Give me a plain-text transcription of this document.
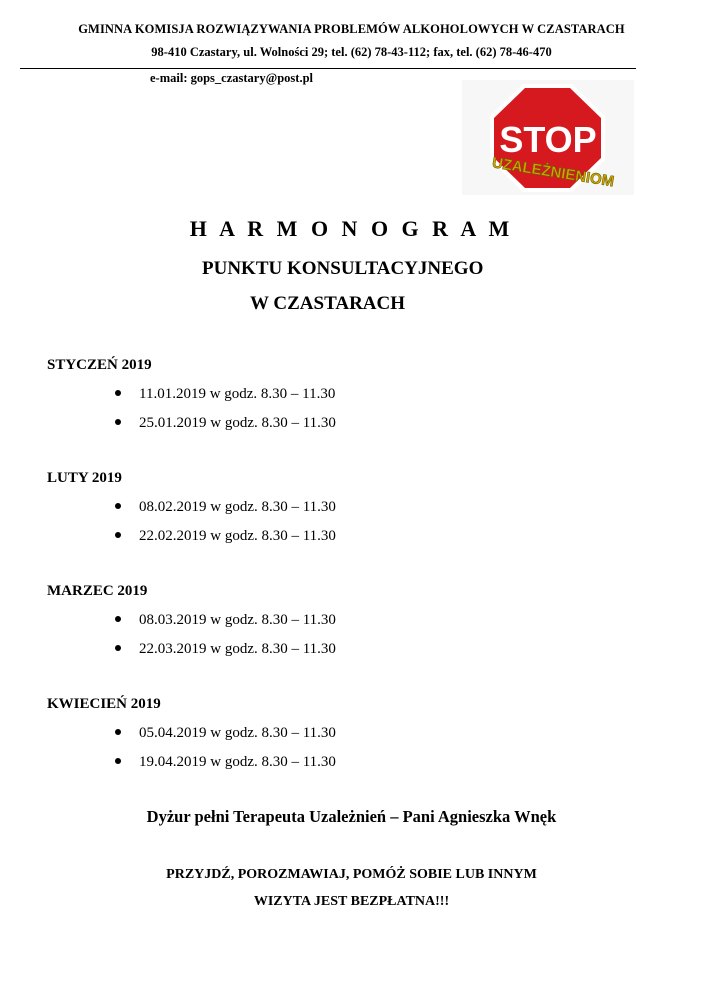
GMINNA KOMISJA ROZWIĄZYWANIA PROBLEMÓW ALKOHOLOWYCH W CZASTARACH
98-410 Czastary, ul. Wolności 29; tel. (62) 78-43-112; fax, tel. (62) 78-46-470
e-mail: gops_czastary@post.pl
STOP
UZALEŻNIENIOM
H A R M O N O G R A M
PUNKTU KONSULTACYJNEGO
W CZASTARACH
STYCZEŃ 2019
11.01.2019 w godz. 8.30 – 11.30
25.01.2019 w godz. 8.30 – 11.30
LUTY 2019
08.02.2019 w godz. 8.30 – 11.30
22.02.2019 w godz. 8.30 – 11.30
MARZEC 2019
08.03.2019 w godz. 8.30 – 11.30
22.03.2019 w godz. 8.30 – 11.30
KWIECIEŃ 2019
05.04.2019 w godz. 8.30 – 11.30
19.04.2019 w godz. 8.30 – 11.30
Dyżur pełni Terapeuta Uzależnień – Pani Agnieszka Wnęk
PRZYJDŹ, POROZMAWIAJ, POMÓŻ SOBIE LUB INNYM
WIZYTA JEST BEZPŁATNA!!!
